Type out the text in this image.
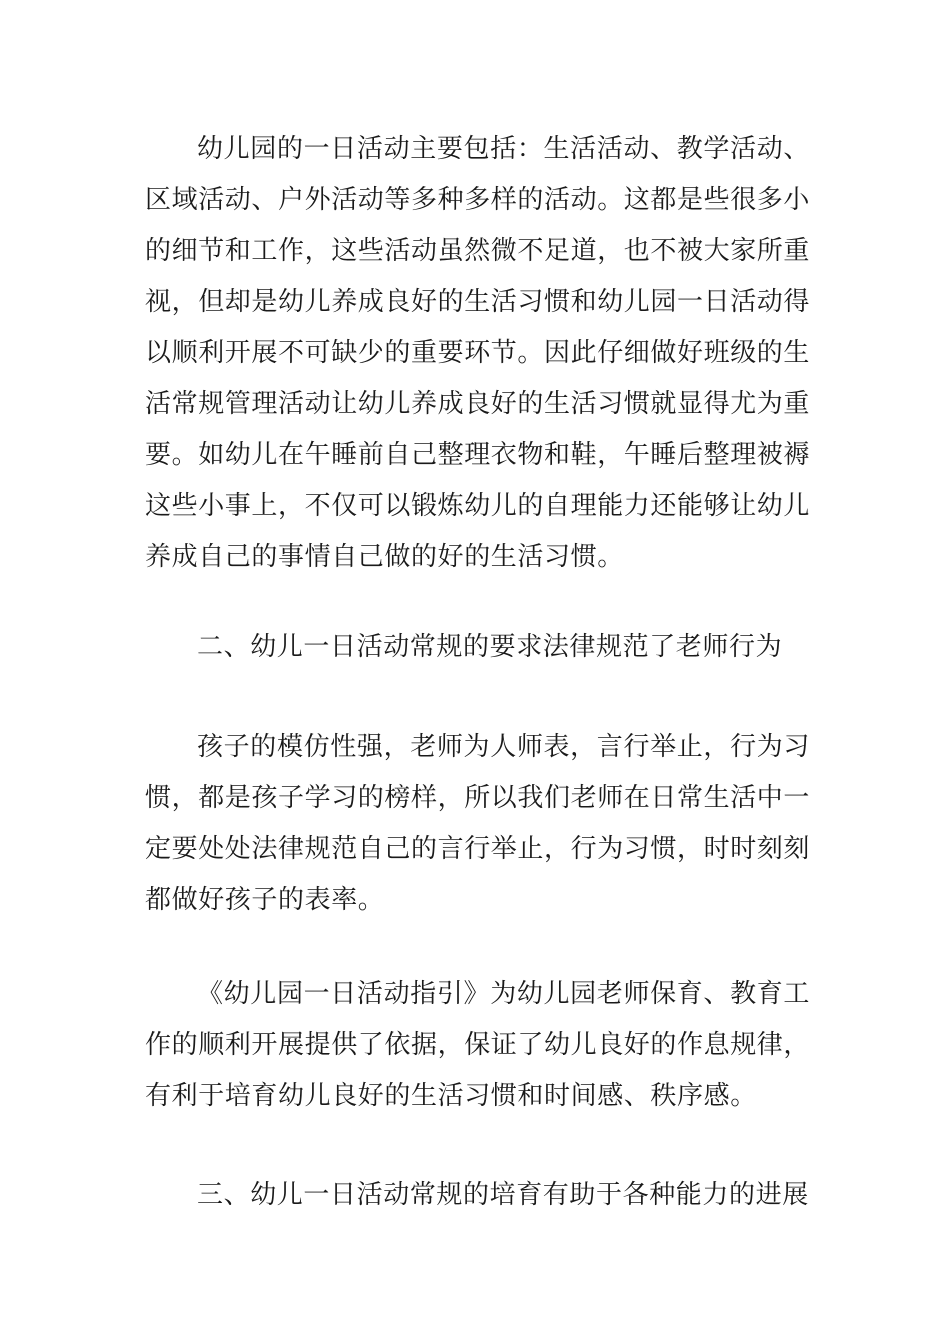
幼儿园的一日活动主要包括：生活活动、教学活动、区域活动、户外活动等多种多样的活动。这都是些很多小的细节和工作，这些活动虽然微不足道，也不被大家所重视，但却是幼儿养成良好的生活习惯和幼儿园一日活动得以顺利开展不可缺少的重要环节。因此仔细做好班级的生活常规管理活动让幼儿养成良好的生活习惯就显得尤为重要。如幼儿在午睡前自己整理衣物和鞋，午睡后整理被褥这些小事上，不仅可以锻炼幼儿的自理能力还能够让幼儿养成自己的事情自己做的好的生活习惯。

二、幼儿一日活动常规的要求法律规范了老师行为

孩子的模仿性强，老师为人师表，言行举止，行为习惯，都是孩子学习的榜样，所以我们老师在日常生活中一定要处处法律规范自己的言行举止，行为习惯，时时刻刻都做好孩子的表率。

《幼儿园一日活动指引》为幼儿园老师保育、教育工作的顺利开展提供了依据，保证了幼儿良好的作息规律，有利于培育幼儿良好的生活习惯和时间感、秩序感。

三、幼儿一日活动常规的培育有助于各种能力的进展
